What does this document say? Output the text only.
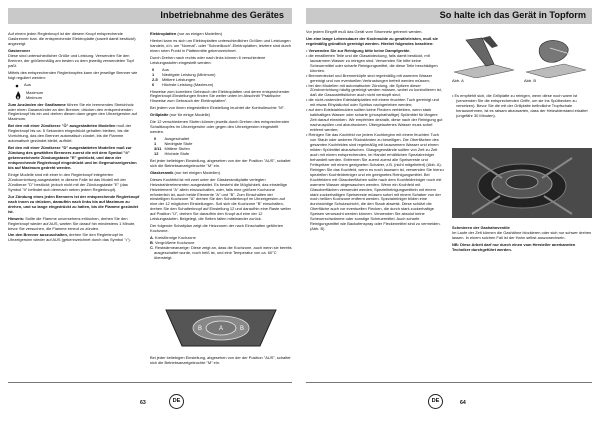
Inbetriebnahme des Gerätes

Auf einem jeden Reglerknopf ist der diesem Knopf entsprechende Gasbrenner bzw. die entsprechende Elektroplatte (soweit damit bestückt) angezeigt.

Gasbrenner

Diese sind unterschiedlicher Größe und Leistung. Verwenden Sie den Brenner, der größenmäßig am besten zu dem jeweilig verwendeten Topf paßt.

Mittels des entsprechenden Reglerknopfes kann der jeweilige Brenner wie folgt reguliert werden:

Aus
Maximum
Minimum

Zum Anzünden der Gasflamme führen Sie ein brennendes Streichholz oder einen Gasanzünder an den Brenner, drücken den entsprechenden Reglerknopf bis ein und drehen diesen dann gegen den Uhrzeigersinn auf Maximum.

Bei den mit einer Zündkerze "Ö" ausgestatteten Modellen muß der Reglerknopf bis ca. 5 Sekunden eingedrückt gehalten bleiben, bis die Vorrichtung, das den Brenner automatisch zündet, bis die Flamme automatisch gezündet bleibt, aufhört.

Bei den mit einer Zündkerze "D" ausgestatteten Modellen muß zur Zündung des gewählten Brenners zuerst die mit dem Symbol "ö" gekennzeichnete Zündungstaste "E" gedrückt, und dann der entsprechende Reglerknopf eingedrückt und im Gegenuhrzeigersinn bis auf Maximum gedreht werden.

Einige Modelle sind mit einer in den Reglerknopf integrierten Zündvorrichtung ausgestattet; in diesem Falle ist das Modell mit der Zündkerze "D" bestückt; jedoch nicht mit der Zündungstaste "E" (das Symbol "ö" befindet sich demnach neben jedem Reglerknopf).

Zur Zündung eines jeden Brenners ist der entsprechende Reglerknopf nach innen zu drücken, daraufhin nach links bis auf Maximum zu drehen, und so lange eingedrückt zu halten, bis die Flamme gezündet ist.

Hinweis: Sollte die Flamme unversehens erlöschen, drehen Sie den Reglerknopf wieder auf AUS, warten Sie darauf hin mindestens 1 Minute, bevor Sie versuchen, die Flamme erneut zu zünden.

Um den Brenner auszuschalten, drehen Sie den Reglerknopf im Uhrzeigersinn wieder auf AUS (gekennzeichnet durch das Symbol "•").

Elektroplatten (nur an einigen Modellen)

Hierbei kann es sich um Elektroplatten unterschiedlicher Größen und Leistungen handeln, d.h. um "Normal"- oder "Schnellkoch"-Elektroplatten, letztere sind durch einen roten Punkt in Plattenmitte gekennzeichnet.

Durch Drehen nach rechts oder nach links können 6 verschiedene Leistungsstufen eingestellt werden:

0 Aus
1 Niedrigste Leistung (Minimum)
2-5 Mittlere Leistungen
6 Höchste Leistung (Maximum)

Hinweise zum korrekten Gebrauch der Elektroplatten und deren entsprechender Reglerknopf-Einstellungen finden Sie weiter unten im Abschnitt "Praktische Hinweise zum Gebrauch der Elektroplatten".

Bei jedem von ihnen eingestellten Einstellung leuchtet die Kontrolleuchte "M".

Grillplatte (nur für einige Modelle)

Die 12 verschiedenen Stufen können jeweils durch Drehen des entsprechenden Schaltknopfes im Uhrzeigersinn oder gegen den Uhrzeigersinn eingestellt werden.

0	Ausgeschaltet
1	Niedrigste Stufe
3/11	Mittlere Stufen
12	Höchste Stufe

Bei jeder beliebigen Einstellung, abgesehen von der der Position "AUS", schaltet sich die Betriebsanzeigeleuchte "M" ein.

Glaskeramik (nur bei einigen Modellen)

Dieses Kochfeld ist mit zwei unter der Glaskeramikplatte verlegten Heizstrahlerelementen ausgestattet. Es besteht die Möglichkeit, das einstellige Heizelement "A" allein einzuschalten, oder, falls eine größere Kochzone erforderlich ist, auch beide Elemente "A" und "B". Zum Einschalten der einstelligen Kochzone "A" drehen Sie den Schalterknopf im Uhrzeigersinn auf eine der 12 möglichen Einstellungen. Soll sich die Kochzone "B" einschalten, drehen Sie den Schalterknopf auf Einstellung 12 und daraufhin eine Raste weiter auf Position "Ü", drehen Sie daraufhin den Knopf auf eine der 12 Leistungsstufen. Beigelegt, die Seiten fallen miteinander zurück.

Der folgende Schaltplan zeigt die Heizzonen der nach Einschalten geführten Kochzone.

A. Kreisförmige Kochzone
B. Vergrößerte Kochzone
C. Restwärmeanzeige: Diese zeigt an, dass die Kochzone, auch wenn sie bereits ausgeschaltet wurde, noch heiß ist, und eine Temperatur von ca. 60°C übersteigt.
B	A	B

Bei jeder beliebigen Einstellung, abgesehen von der der Position "AUS", schaltet sich die Betriebsanzeigeleuchte "M" ein.

63	DE
So halte ich das Gerät in Topform

Vor jedem Eingriff muß das Gerät vom Stromnetz getrennt werden.

Um eine lange Lebensdauer der Kochmulde zu gewährleisten, muß sie regelmäßig gründlich gereinigt werden. Hierbei folgendes beachten:

• Verwenden Sie zur Reinigung bitte keine Dampfgeräte.
• die emaillierten Teile und die Glasabdeckung, falls damit bestückt, mit lauwarmem Wasser zu reinigen sind. Verwenden Sie bitte keine Scheuermittel oder scharfe Reinigungsmittel, die diese Teile beschädigen könnten.
• Brennerdeckel und Brennerköpfe sind regelmäßig mit warmem Wasser gereinigt und von eventuellen Verkrustungen befreit werden müssen;
• bei den Modellen mit automatischer Zündung, die Spitzen dieser Zündvorrichtung häufig gereinigt werden müssen, wobei zu kontrollieren ist, daß die Gasaustrittslöcher auch nicht verstopft sind;
• die nicht-rostenden Edelstahlplatten mit einem feuchten Tuch gereinigt und mit etwas Ethylalkohol oder Spiritus nachgerieben werden;
• auf dem Edelstahlmulden sollten keine Flecken verbleiben, wenn stark kalkhaltiges Wasser oder scharfe (phosphathaltige) Spülmittel für längere Zeit darauf einwirken. Wir empfehlen deshalb, diese nach der Reinigung gut nachzuspülen und abzutrocknen. Übergelaufenes Wasser muss sofort entfernt werden;
• Reinigen Sie das Kochfeld vor jedem Kochbeginn mit einem feuchten Tuch von Staub oder anderen Rückständen zu beseitigen. Die Oberflächen des gesamten Kochfeldes sind regelmäßig mit lauwarmem Wasser und einem milden Spülmittel abzuwischen. Glasgegenstände sollten von Zeit zu Zeit auch mit einem entsprechenden, im Handel erhältlichen Spezialreiniger behandelt werden. Entfernen Sie zuerst zuerst alle Speisereste und Fettspritzer mit einem geeigneten Schaber, z.B. (nicht mitgeliefert) (Abb. A). Reinigen Sie das Kochfeld, wenn es noch lauwarm ist, verwenden Sie hierzu speziellen Kochfeldreiniger und ein geeignetes Reinigungsmittel. Bei Kochfeldern mit Glasoberflächen sollte nach dem Kochfeldreiniger noch mit warmem Wasser abgewaschen werden. Wenn ein Kochfeld mit Glasoberflächen verwendet werden, Speziellreinigungsmitteln mit einem stark zuckerhaltigen Speisereste müssen sofort mit einem Schaber von der noch heißen Kochzone entfernt werden. Spezialreiniger bilden eine durchsichtige Schutzschicht, die den Staub abweist. Diese schützt die Oberfläche auch vor eventuellen Flecken, die durch stark zuckerhaltige Speisen verursacht werden können. Verwenden Sie absolut keine Scheuerschwämme oder sonstige Scheuermittel. Auch scharfe Reinigungsmittel wie Backofenspray oder Fleckenmittel sind zu vermeiden. (Abb. B)
Abb. A	Abb. B
• Es empfiehlt sich, die Grillplatte zu reinigen, wenn diese noch warm ist (verwenden Sie die entsprechenden Griffe, um sie ins Spülbecken zu versetzen). Bevor Sie die mit der Grillplatte befindliche Tropfschale herausnehmen, ist es ratsam abzuwarten, dass der Heizwiderstand erkaltet (ungefähr 30 Minuten).
Schmieren der Gashahnventile

Im Laufe der Zeit können die Gashähne blockieren oder sich nur schwer drehen lassen. In einem solchen Fall ist der Hahn selbst auszuwechseln.

NB: Diese Arbeit darf nur durch einen vom Hersteller anerkannten Techniker durchgeführt werden.

DE	64
